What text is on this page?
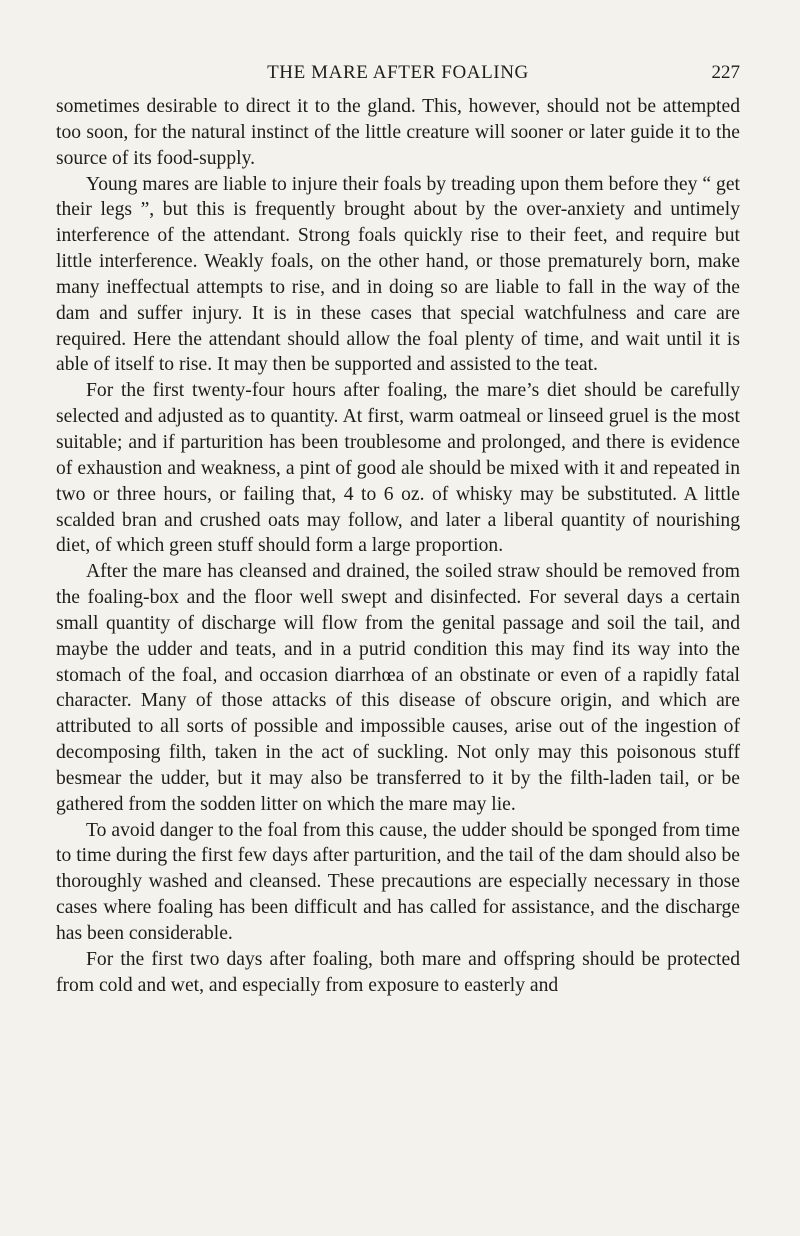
THE MARE AFTER FOALING	227

sometimes desirable to direct it to the gland. This, however, should not be attempted too soon, for the natural instinct of the little creature will sooner or later guide it to the source of its food-supply.

Young mares are liable to injure their foals by treading upon them before they “ get their legs ”, but this is frequently brought about by the over-anxiety and untimely interference of the attendant. Strong foals quickly rise to their feet, and require but little interference. Weakly foals, on the other hand, or those prematurely born, make many ineffectual attempts to rise, and in doing so are liable to fall in the way of the dam and suffer injury. It is in these cases that special watchfulness and care are required. Here the attendant should allow the foal plenty of time, and wait until it is able of itself to rise. It may then be supported and assisted to the teat.

For the first twenty-four hours after foaling, the mare’s diet should be carefully selected and adjusted as to quantity. At first, warm oatmeal or linseed gruel is the most suitable; and if parturition has been troublesome and prolonged, and there is evidence of exhaustion and weakness, a pint of good ale should be mixed with it and repeated in two or three hours, or failing that, 4 to 6 oz. of whisky may be substituted. A little scalded bran and crushed oats may follow, and later a liberal quantity of nourishing diet, of which green stuff should form a large proportion.

After the mare has cleansed and drained, the soiled straw should be removed from the foaling-box and the floor well swept and disinfected. For several days a certain small quantity of discharge will flow from the genital passage and soil the tail, and maybe the udder and teats, and in a putrid condition this may find its way into the stomach of the foal, and occasion diarrhœa of an obstinate or even of a rapidly fatal character. Many of those attacks of this disease of obscure origin, and which are attributed to all sorts of possible and impossible causes, arise out of the ingestion of decomposing filth, taken in the act of suckling. Not only may this poisonous stuff besmear the udder, but it may also be transferred to it by the filth-laden tail, or be gathered from the sodden litter on which the mare may lie.

To avoid danger to the foal from this cause, the udder should be sponged from time to time during the first few days after parturition, and the tail of the dam should also be thoroughly washed and cleansed. These precautions are especially necessary in those cases where foaling has been difficult and has called for assistance, and the discharge has been considerable.

For the first two days after foaling, both mare and offspring should be protected from cold and wet, and especially from exposure to easterly and
